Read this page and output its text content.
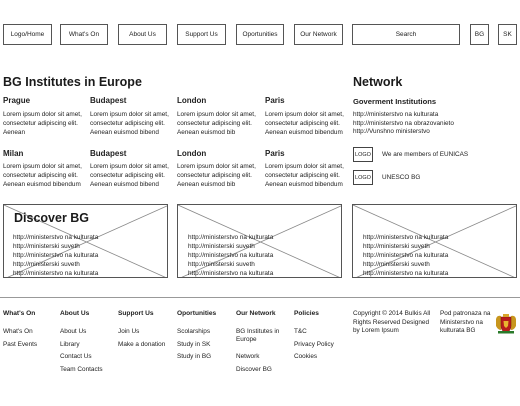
Logo/Home	What's On	About Us	Support Us	Oportunities	Our Network	Search	BG	SK
BG Institutes in Europe
Prague
Lorem ipsum dolor sit amet, consectetur adipiscing elit. Aenean
Budapest
Lorem ipsum dolor sit amet, consectetur adipiscing elit. Aenean euismod bibend
London
Lorem ipsum dolor sit amet, consectetur adipiscing elit. Aenean euismod bib
Paris
Lorem ipsum dolor sit amet, consectetur adipiscing elit. Aenean euismod bibendum
Milan
Lorem ipsum dolor sit amet, consectetur adipiscing elit. Aenean euismod bibendum
Budapest
Lorem ipsum dolor sit amet, consectetur adipiscing elit. Aenean euismod bibend
London
Lorem ipsum dolor sit amet, consectetur adipiscing elit. Aenean euismod bib
Paris
Lorem ipsum dolor sit amet, consectetur adipiscing elit. Aenean euismod bibendum
Network
Goverment Institutions
http://ministerstvo na kulturata
http://ministerstvo na obrazovanieto
http://Vunshno ministerstvo
LOGO	We are members of EUNICAS
LOGO	UNESCO BG
Discover BG
http://ministerstvo na kulturata
http://ministerski suveth
http://ministerstvo na kulturata
http://ministerski suveth
http://ministerstvo na kulturata
http://ministerstvo na kulturata
http://ministerski suveth
http://ministerstvo na kulturata
http://ministerski suveth
http://ministerstvo na kulturata
http://ministerstvo na kulturata
http://ministerski suveth
http://ministerstvo na kulturata
http://ministerski suveth
http://ministerstvo na kulturata
What's On
What's On
Past Events
About Us
About Us
Library
Contact Us
Team Contacts
Support Us
Join Us
Make a donation
Oportunities
Scolarships
Study in SK
Study in BG
Our Network
BG Institutes in Europe
Network
Discover BG
Policies
T&C
Privacy Policy
Cookies
Copyright © 2014 Bulkis All Rights Reserved Designed by Lorem Ipsum
Pod patronaza na Ministerstvo na kulturata BG
